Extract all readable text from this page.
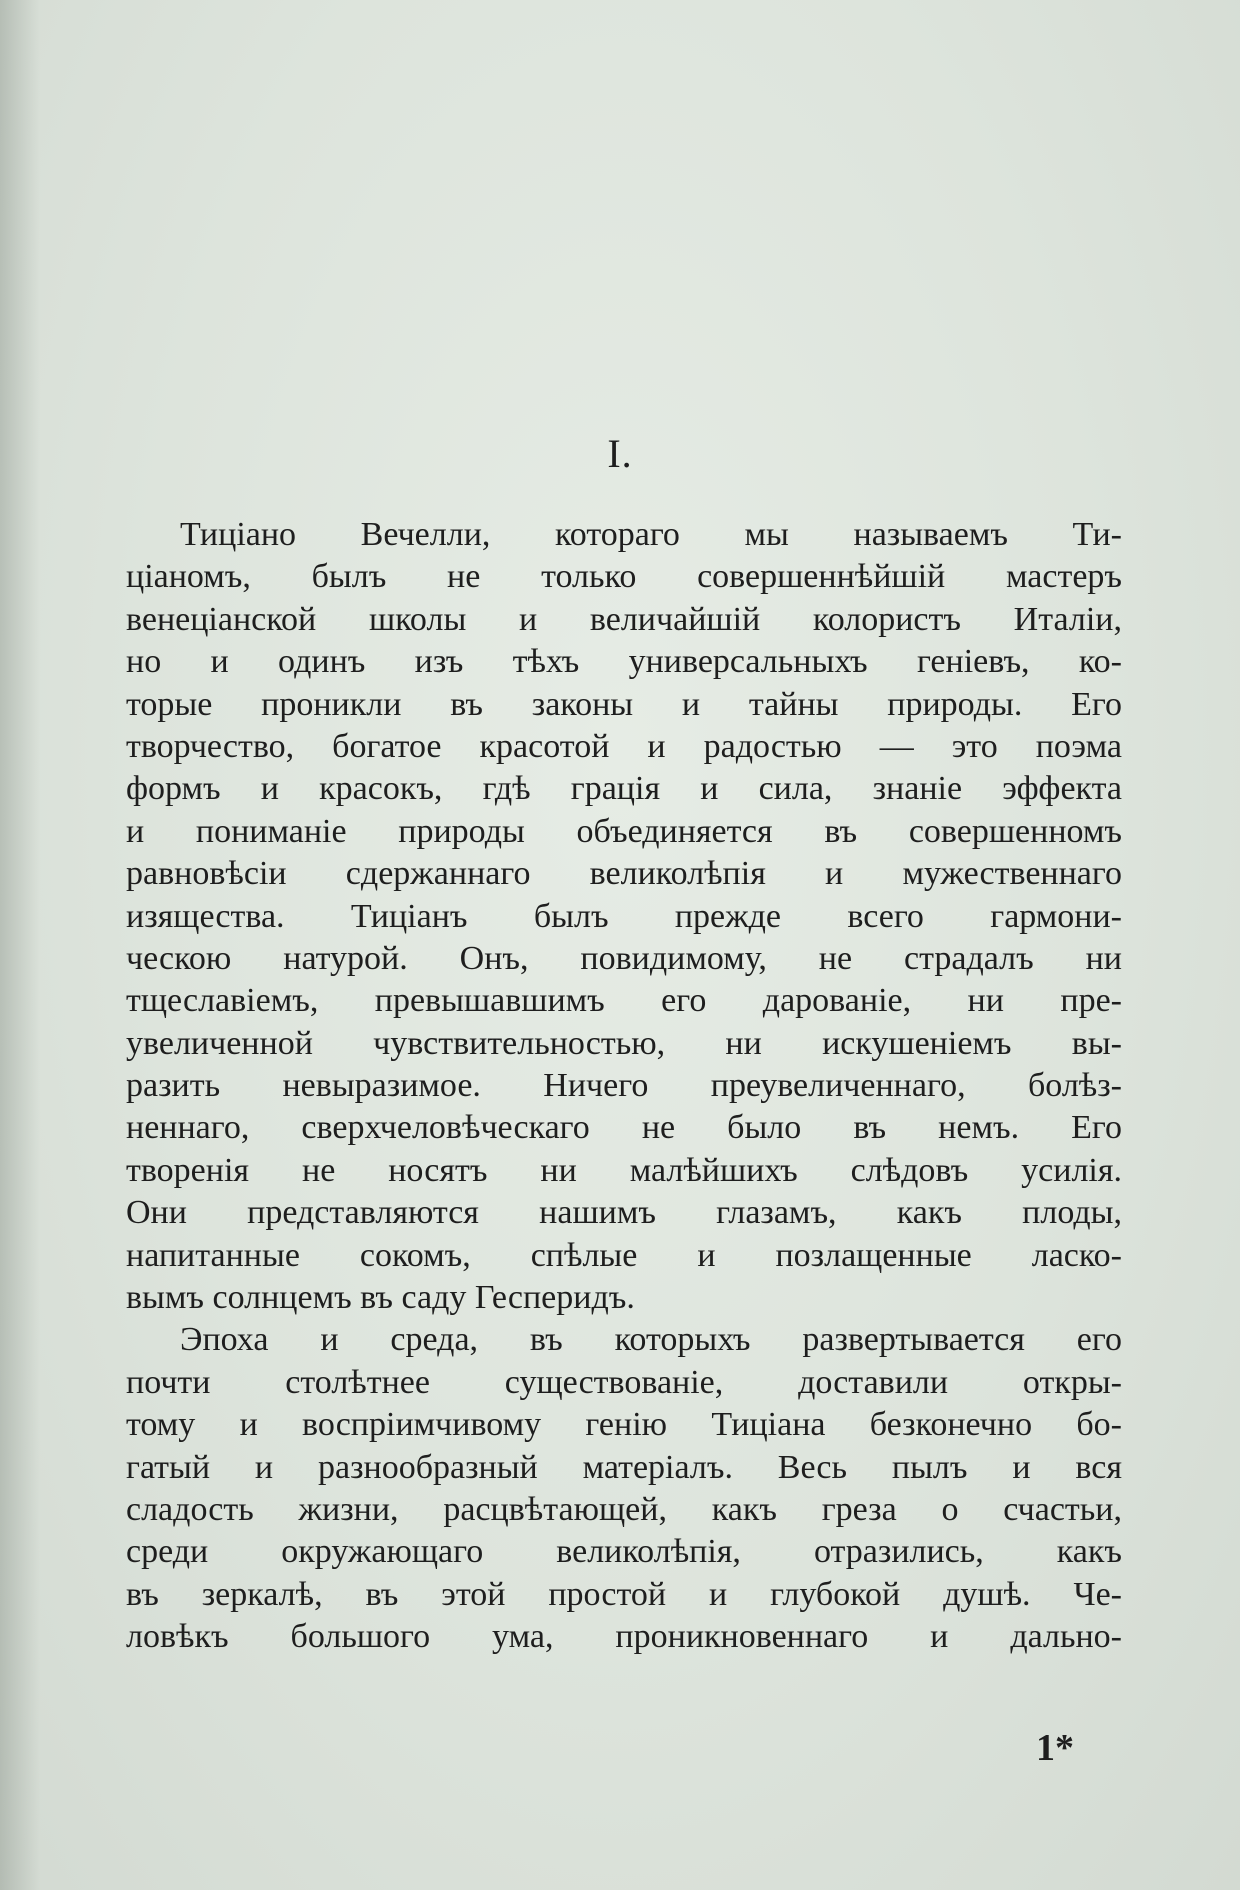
I.
Тиціано Вечелли, котораго мы называемъ Ти-
ціаномъ, былъ не только совершеннѣйшій мастеръ
венеціанской школы и величайшій колористъ Италіи,
но и одинъ изъ тѣхъ универсальныхъ геніевъ, ко-
торые проникли въ законы и тайны природы. Его
творчество, богатое красотой и радостью — это поэма
формъ и красокъ, гдѣ грація и сила, знаніе эффекта
и пониманіе природы объединяется въ совершенномъ
равновѣсіи сдержаннаго великолѣпія и мужественнаго
изящества. Тиціанъ былъ прежде всего гармони-
ческою натурой. Онъ, повидимому, не страдалъ ни
тщеславіемъ, превышавшимъ его дарованіе, ни пре-
увеличенной чувствительностью, ни искушеніемъ вы-
разить невыразимое. Ничего преувеличеннаго, болѣз-
неннаго, сверхчеловѣческаго не было въ немъ. Его
творенія не носятъ ни малѣйшихъ слѣдовъ усилія.
Они представляются нашимъ глазамъ, какъ плоды,
напитанные сокомъ, спѣлые и позлащенные ласко-
вымъ солнцемъ въ саду Гесперидъ.
Эпоха и среда, въ которыхъ развертывается его
почти столѣтнее существованіе, доставили откры-
тому и воспріимчивому генію Тиціана безконечно бо-
гатый и разнообразный матеріалъ. Весь пылъ и вся
сладость жизни, расцвѣтающей, какъ греза о счастьи,
среди окружающаго великолѣпія, отразились, какъ
въ зеркалѣ, въ этой простой и глубокой душѣ. Че-
ловѣкъ большого ума, проникновеннаго и дально-
1*
